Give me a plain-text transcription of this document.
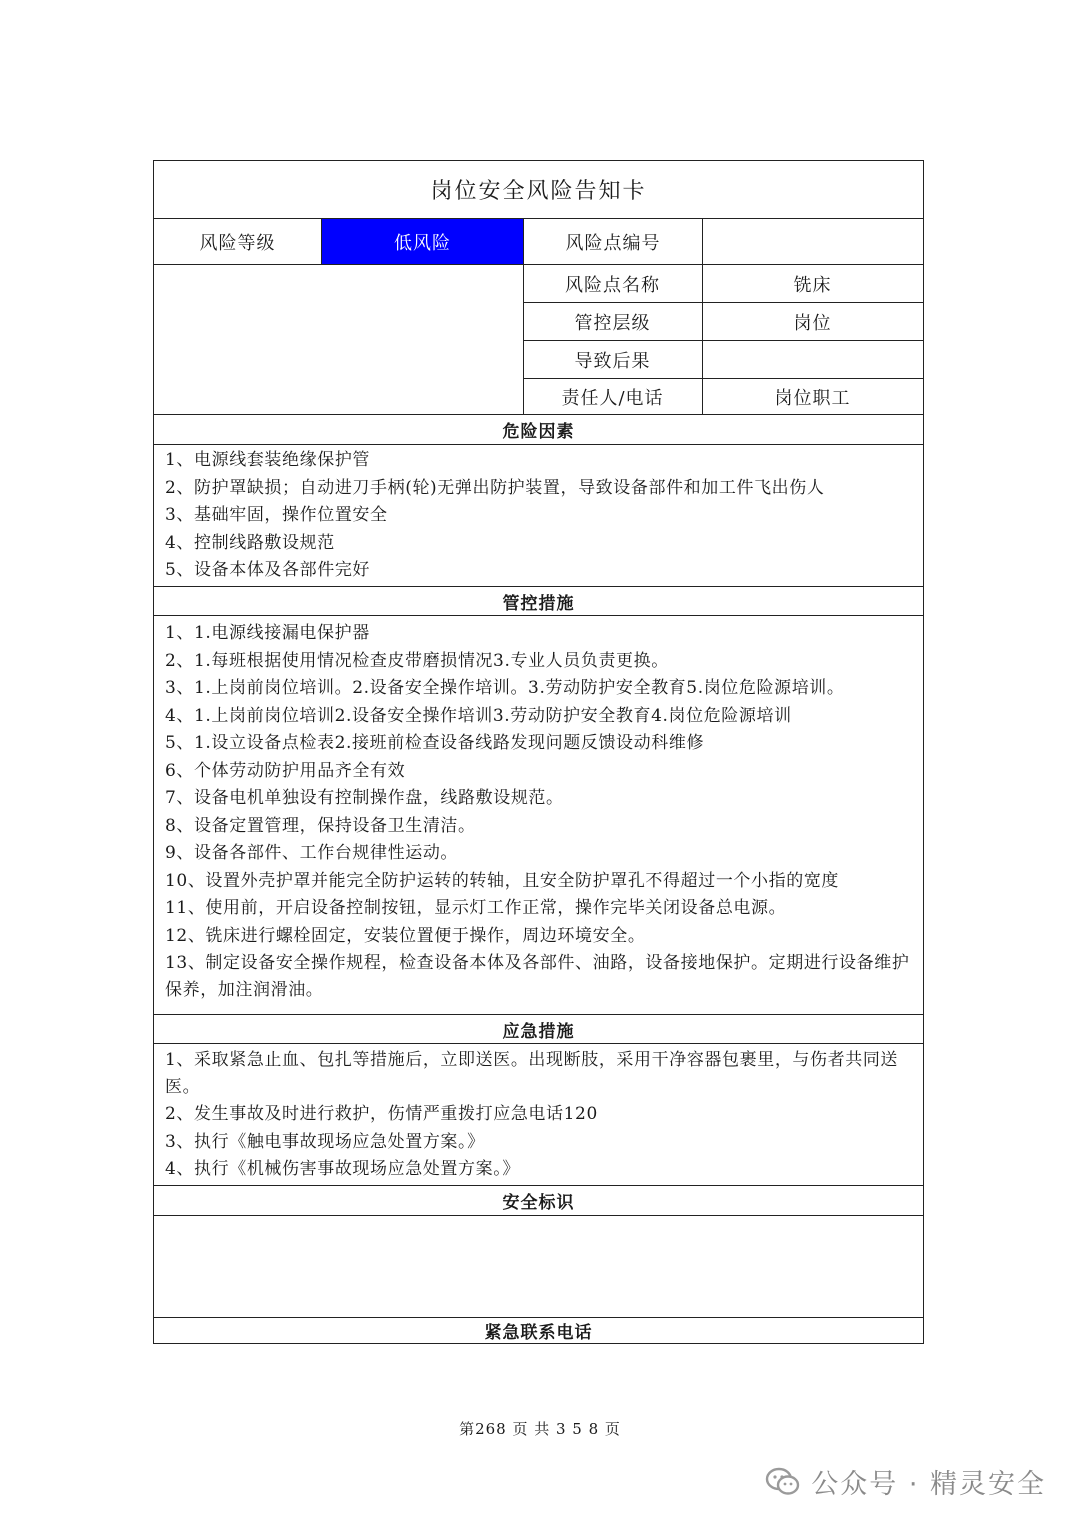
岗位安全风险告知卡
风险等级	低风险	风险点编号
风险点名称	铣床
管控层级	岗位
导致后果
责任人/电话	岗位职工
危险因素
1、电源线套装绝缘保护管
2、防护罩缺损；自动进刀手柄(轮)无弹出防护装置，导致设备部件和加工件飞出伤人
3、基础牢固，操作位置安全
4、控制线路敷设规范
5、设备本体及各部件完好
管控措施
1、1.电源线接漏电保护器
2、1.每班根据使用情况检查皮带磨损情况3.专业人员负责更换。
3、1.上岗前岗位培训。2.设备安全操作培训。3.劳动防护安全教育5.岗位危险源培训。
4、1.上岗前岗位培训2.设备安全操作培训3.劳动防护安全教育4.岗位危险源培训
5、1.设立设备点检表2.接班前检查设备线路发现问题反馈设动科维修
6、个体劳动防护用品齐全有效
7、设备电机单独设有控制操作盘，线路敷设规范。
8、设备定置管理，保持设备卫生清洁。
9、设备各部件、工作台规律性运动。
10、设置外壳护罩并能完全防护运转的转轴，且安全防护罩孔不得超过一个小指的宽度
11、使用前，开启设备控制按钮，显示灯工作正常，操作完毕关闭设备总电源。
12、铣床进行螺栓固定，安装位置便于操作，周边环境安全。
13、制定设备安全操作规程，检查设备本体及各部件、油路，设备接地保护。定期进行设备维护保养，加注润滑油。
应急措施
1、采取紧急止血、包扎等措施后，立即送医。出现断肢，采用干净容器包裹里，与伤者共同送医。
2、发生事故及时进行救护，伤情严重拨打应急电话120
3、执行《触电事故现场应急处置方案。》
4、执行《机械伤害事故现场应急处置方案。》
安全标识
紧急联系电话
第268 页 共 3 5 8 页
公众号 · 精灵安全
